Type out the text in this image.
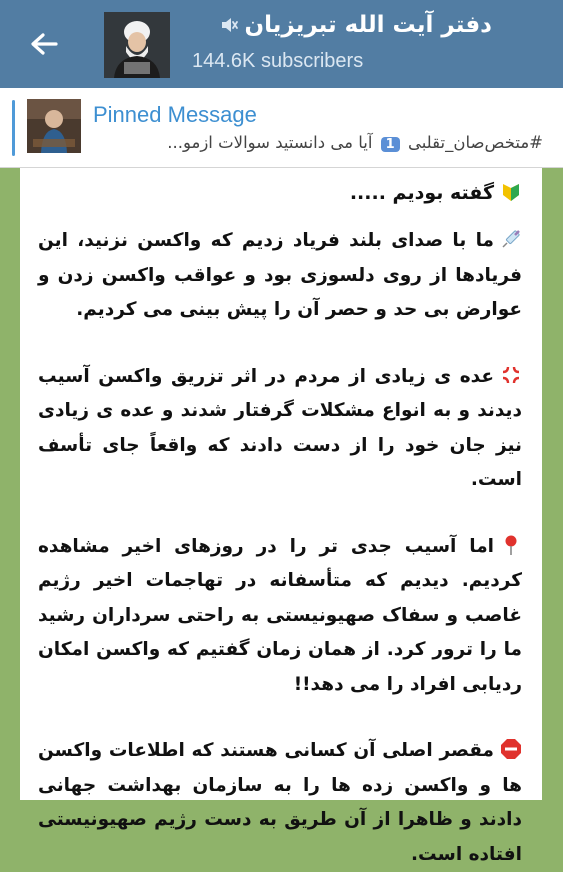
دفتر آیت الله تبریزیان
144.6K subscribers
Pinned Message
#متخص‌صان_تقلبی 1 آیا می دانستید سوالات ازمو...
گفته بودیم .....
ما با صدای بلند فریاد زدیم که واکسن نزنید، این فریادها از روی دلسوزی بود و عواقب واکسن زدن و عوارض بی حد و حصر آن را پیش بینی می کردیم.
عده ی زیادی از مردم در اثر تزریق واکسن آسیب دیدند و به انواع مشکلات گرفتار شدند و عده ی زیادی نیز جان خود را از دست دادند که واقعاً جای تأسف است.
اما آسیب جدی تر را در روزهای اخیر مشاهده کردیم. دیدیم که متأسفانه در تهاجمات اخیر رژیم غاصب و سفاک صهیونیستی به راحتی سرداران رشید ما را ترور کرد. از همان زمان گفتیم که واکسن امکان ردیابی افراد را می دهد!!
مقصر اصلی آن کسانی هستند که اطلاعات واکسن ها و واکسن زده ها را به سازمان بهداشت جهانی دادند و ظاهرا از آن طریق به دست رژیم صهیونیستی افتاده است.
